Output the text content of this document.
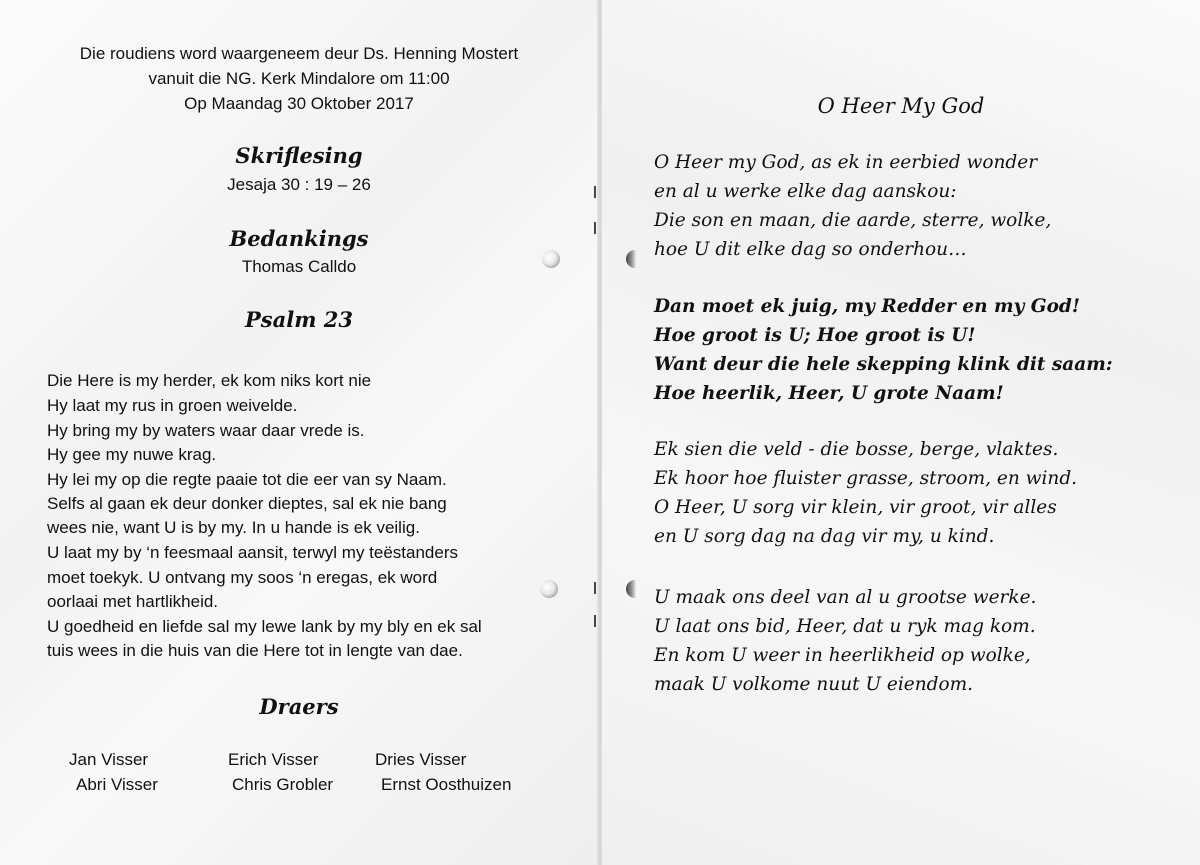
Die roudiens word waargeneem deur Ds. Henning Mostert
vanuit die NG. Kerk Mindalore om 11:00
Op Maandag 30 Oktober 2017
Skriflesing
Jesaja 30 : 19 – 26
Bedankings
Thomas Calldo
Psalm 23
Die Here is my herder, ek kom niks kort nie
Hy laat my rus in groen weivelde.
Hy bring my by waters waar daar vrede is.
Hy gee my nuwe krag.
Hy lei my op die regte paaie tot die eer van sy Naam.
Selfs al gaan ek deur donker dieptes, sal ek nie bang
wees nie, want U is by my. In u hande is ek veilig.
U laat my by ‘n feesmaal aansit, terwyl my teëstanders
moet toekyk. U ontvang my soos ‘n eregas, ek word
oorlaai met hartlikheid.
U goedheid en liefde sal my lewe lank by my bly en ek sal
tuis wees in die huis van die Here tot in lengte van dae.
Draers
Jan Visser	Erich Visser	Dries Visser
Abri Visser	Chris Grobler	Ernst Oosthuizen
O Heer My God
O Heer my God, as ek in eerbied wonder
en al u werke elke dag aanskou:
Die son en maan, die aarde, sterre, wolke,
hoe U dit elke dag so onderhou…
Dan moet ek juig, my Redder en my God!
Hoe groot is U; Hoe groot is U!
Want deur die hele skepping klink dit saam:
Hoe heerlik, Heer, U grote Naam!
Ek sien die veld - die bosse, berge, vlaktes.
Ek hoor hoe fluister grasse, stroom, en wind.
O Heer, U sorg vir klein, vir groot, vir alles
en U sorg dag na dag vir my, u kind.
U maak ons deel van al u grootse werke.
U laat ons bid, Heer, dat u ryk mag kom.
En kom U weer in heerlikheid op wolke,
maak U volkome nuut U eiendom.
